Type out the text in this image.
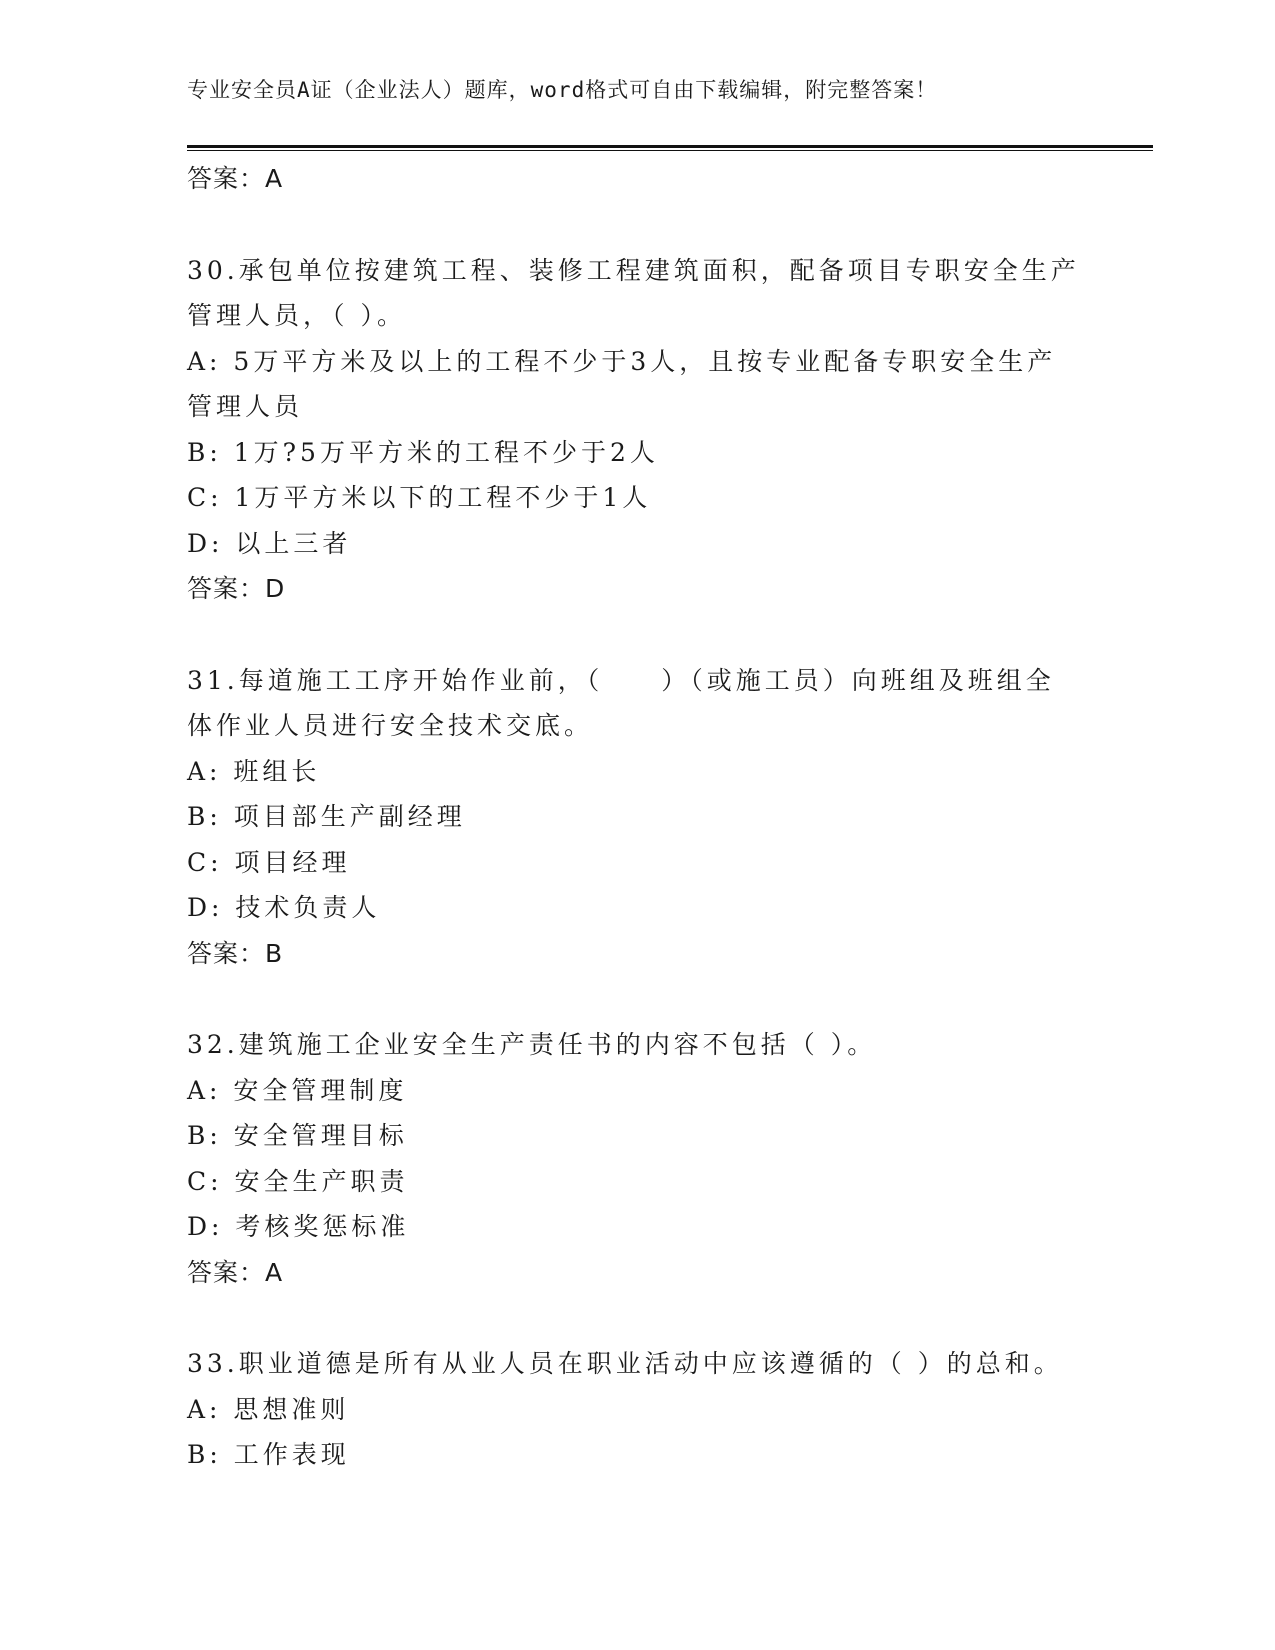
专业安全员A证（企业法人）题库，word格式可自由下载编辑，附完整答案！
答案：A
30.承包单位按建筑工程、装修工程建筑面积，配备项目专职安全生产
管理人员，（ ）。
A: 5万平方米及以上的工程不少于3人，且按专业配备专职安全生产
管理人员
B: 1万?5万平方米的工程不少于2人
C: 1万平方米以下的工程不少于1人
D: 以上三者
答案：D
31.每道施工工序开始作业前，（　　）（或施工员）向班组及班组全
体作业人员进行安全技术交底。
A: 班组长
B: 项目部生产副经理
C: 项目经理
D: 技术负责人
答案：B
32.建筑施工企业安全生产责任书的内容不包括（ ）。
A: 安全管理制度
B: 安全管理目标
C: 安全生产职责
D: 考核奖惩标准
答案：A
33.职业道德是所有从业人员在职业活动中应该遵循的（ ）的总和。
A: 思想准则
B: 工作表现
